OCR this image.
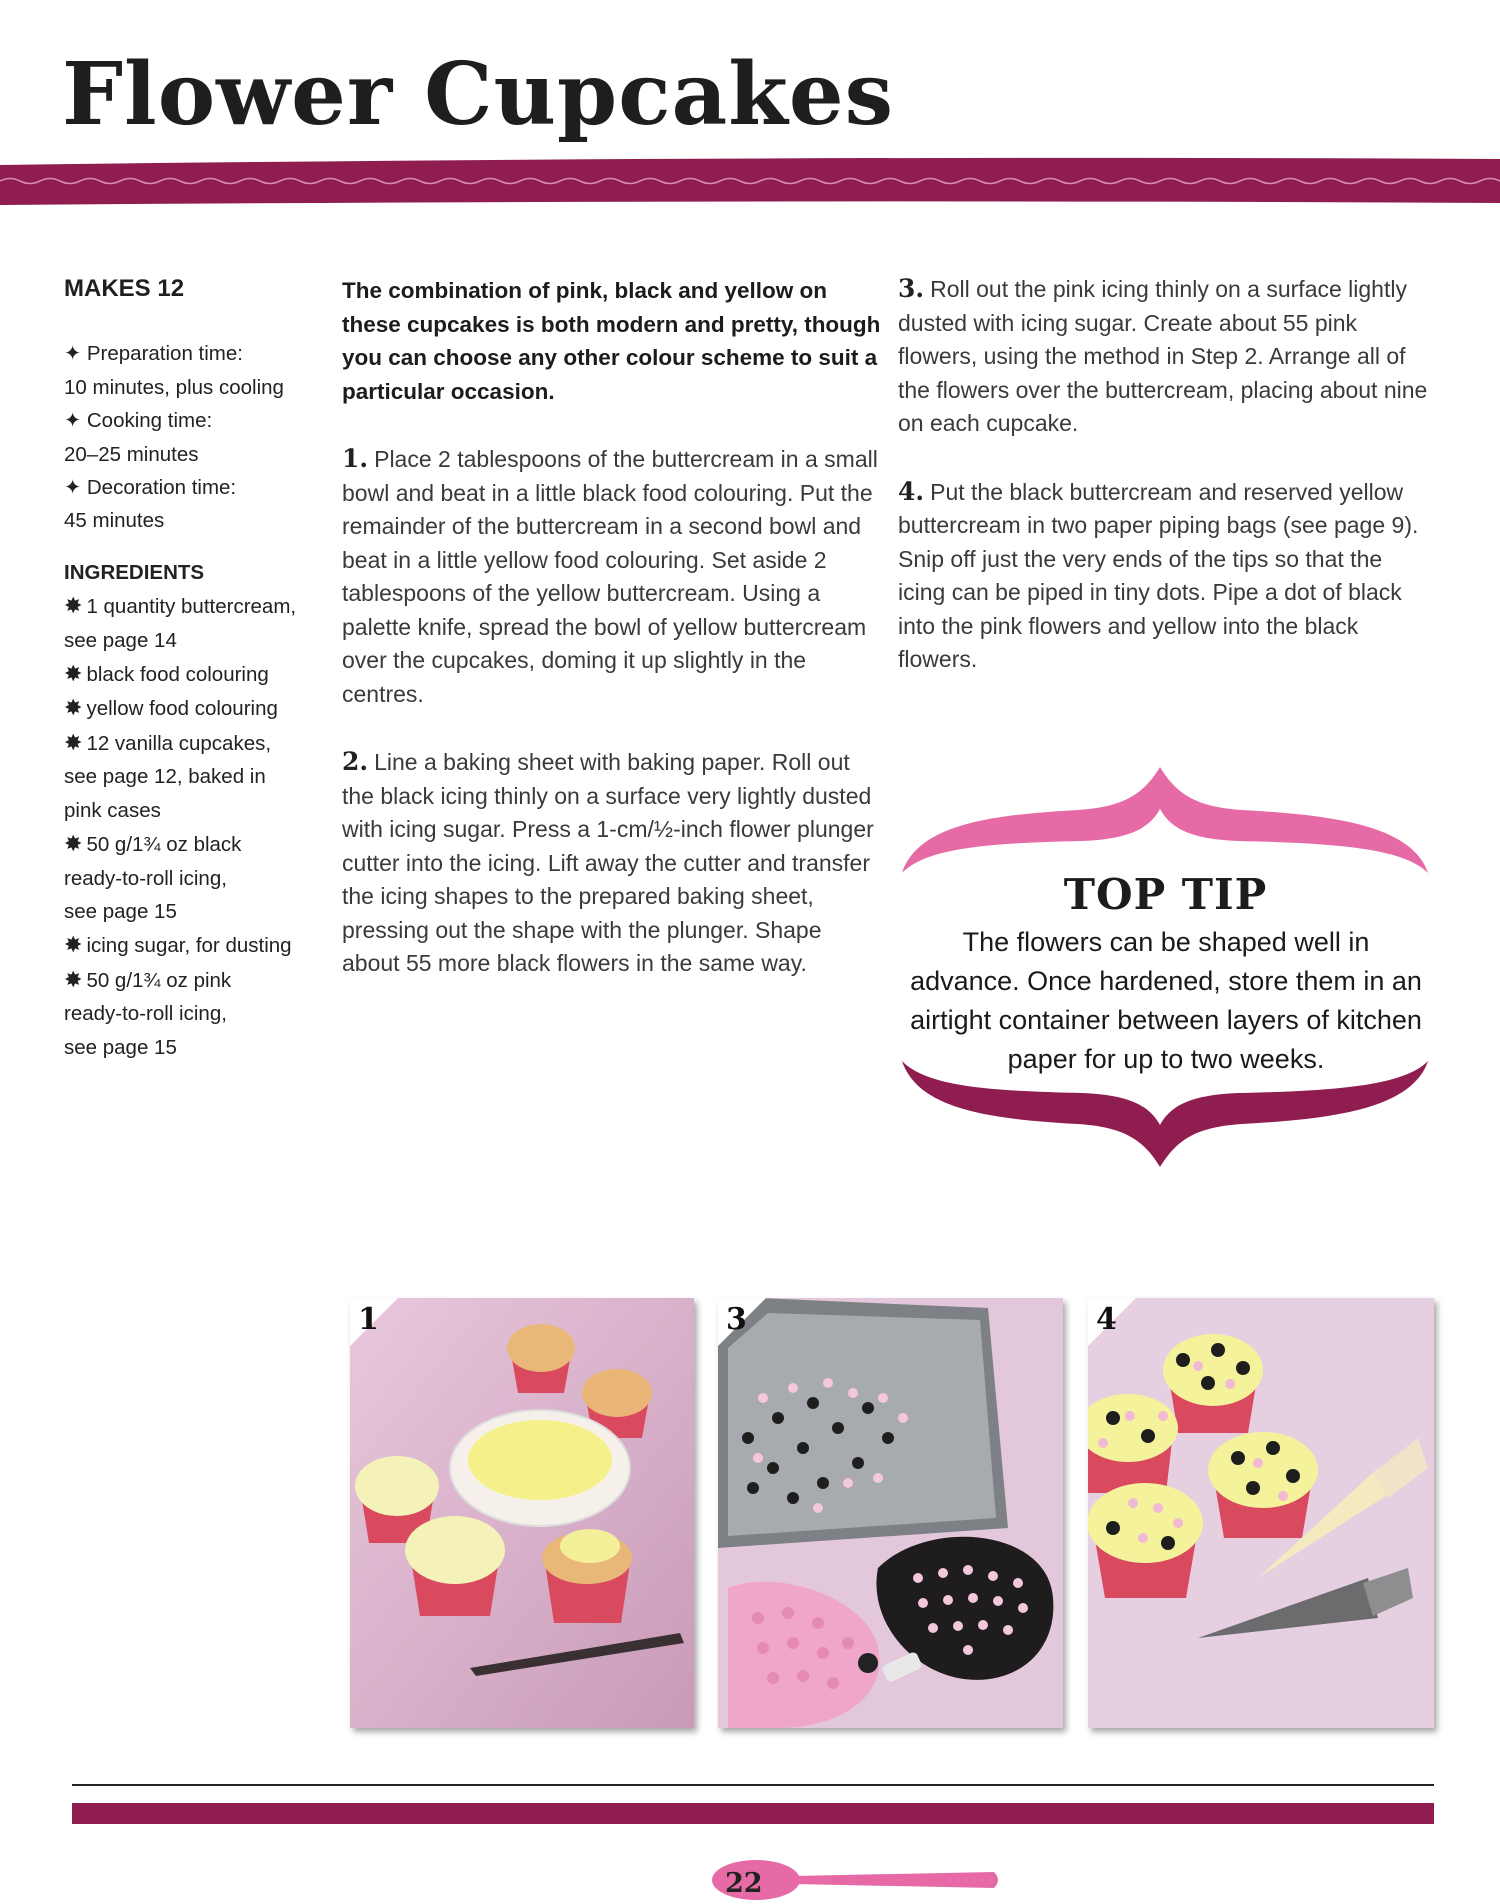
Flower Cupcakes
MAKES 12
✦ Preparation time:
10 minutes, plus cooling
✦ Cooking time:
20–25 minutes
✦ Decoration time:
45 minutes
INGREDIENTS
✸ 1 quantity buttercream,
see page 14
✸ black food colouring
✸ yellow food colouring
✸ 12 vanilla cupcakes,
see page 12, baked in
pink cases
✸ 50 g/1¾ oz black
ready-to-roll icing,
see page 15
✸ icing sugar, for dusting
✸ 50 g/1¾ oz pink
ready-to-roll icing,
see page 15

The combination of pink, black and yellow on these cupcakes is both modern and pretty, though you can choose any other colour scheme to suit a particular occasion.

1. Place 2 tablespoons of the buttercream in a small bowl and beat in a little black food colouring. Put the remainder of the buttercream in a second bowl and beat in a little yellow food colouring. Set aside 2 tablespoons of the yellow buttercream. Using a palette knife, spread the bowl of yellow buttercream over the cupcakes, doming it up slightly in the centres.

2. Line a baking sheet with baking paper. Roll out the black icing thinly on a surface very lightly dusted with icing sugar. Press a 1-cm/½-inch flower plunger cutter into the icing. Lift away the cutter and transfer the icing shapes to the prepared baking sheet, pressing out the shape with the plunger. Shape about 55 more black flowers in the same way.

3. Roll out the pink icing thinly on a surface lightly dusted with icing sugar. Create about 55 pink flowers, using the method in Step 2. Arrange all of the flowers over the buttercream, placing about nine on each cupcake.

4. Put the black buttercream and reserved yellow buttercream in two paper piping bags (see page 9). Snip off just the very ends of the tips so that the icing can be piped in tiny dots. Pipe a dot of black into the pink flowers and yellow into the black flowers.

TOP TIP
The flowers can be shaped well in advance. Once hardened, store them in an airtight container between layers of kitchen paper for up to two weeks.
1	3	4
22
